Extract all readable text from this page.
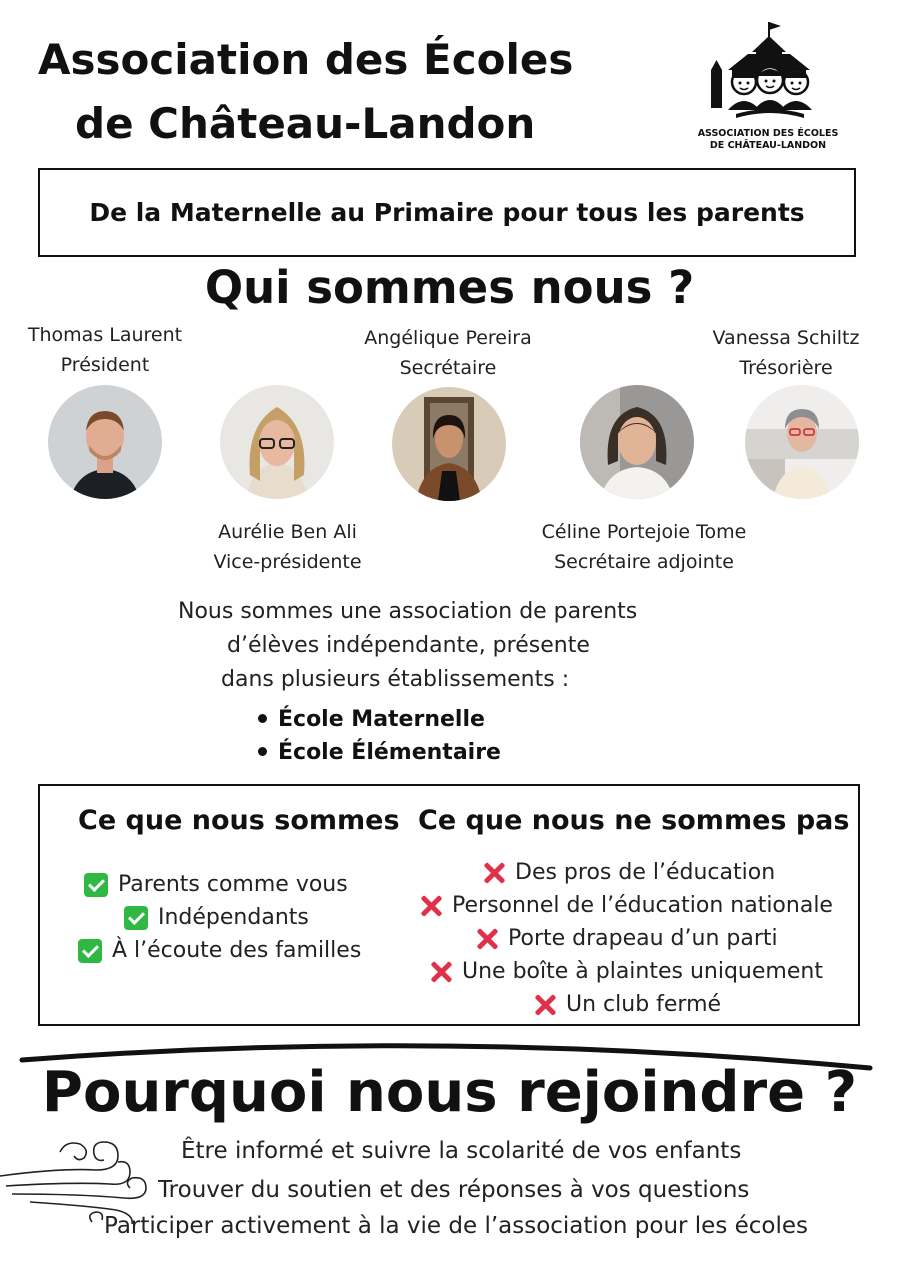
Association des Écoles
de Château-Landon	ASSOCIATION DES ÉCOLES
DE CHÂTEAU-LANDON
De la Maternelle au Primaire pour tous les parents
Qui sommes nous ?
Thomas Laurent
Président
Angélique Pereira
Secrétaire
Vanessa Schiltz
Trésorière
Aurélie Ben Ali
Vice-présidente
Céline Portejoie Tome
Secrétaire adjointe
Nous sommes une association de parents
d’élèves indépendante, présente
dans plusieurs établissements :
École Maternelle
École Élémentaire
Ce que nous sommes Ce que nous ne sommes pas
Parents comme vous
Indépendants
À l’écoute des familles
Des pros de l’éducation
Personnel de l’éducation nationale
Porte drapeau d’un parti
Une boîte à plaintes uniquement
Un club fermé
Pourquoi nous rejoindre ?
Être informé et suivre la scolarité de vos enfants
Trouver du soutien et des réponses à vos questions
Participer activement à la vie de l’association pour les écoles
